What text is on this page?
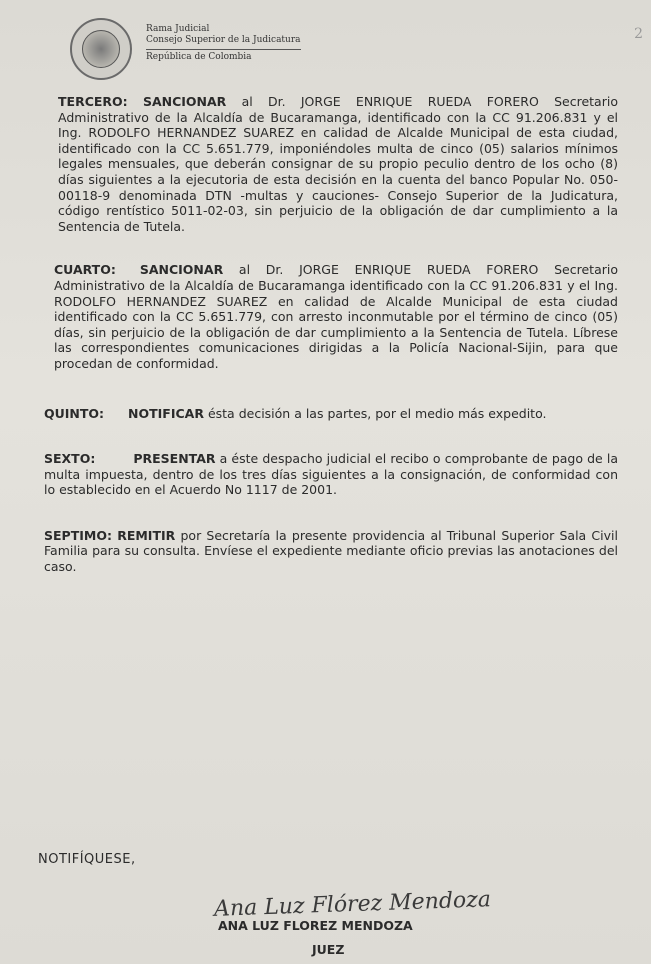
Rama Judicial
Consejo Superior de la Judicatura
República de Colombia
2

TERCERO: SANCIONAR al Dr. JORGE ENRIQUE RUEDA FORERO Secretario Administrativo de la Alcaldía de Bucaramanga, identificado con la CC 91.206.831 y el Ing. RODOLFO HERNANDEZ SUAREZ en calidad de Alcalde Municipal de esta ciudad, identificado con la CC 5.651.779, imponiéndoles multa de cinco (05) salarios mínimos legales mensuales, que deberán consignar de su propio peculio dentro de los ocho (8) días siguientes a la ejecutoria de esta decisión en la cuenta del banco Popular No. 050-00118-9 denominada DTN -multas y cauciones- Consejo Superior de la Judicatura, código rentístico 5011-02-03, sin perjuicio de la obligación de dar cumplimiento a la Sentencia de Tutela.

CUARTO: SANCIONAR al Dr. JORGE ENRIQUE RUEDA FORERO Secretario Administrativo de la Alcaldía de Bucaramanga identificado con la CC 91.206.831 y el Ing. RODOLFO HERNANDEZ SUAREZ en calidad de Alcalde Municipal de esta ciudad identificado con la CC 5.651.779, con arresto inconmutable por el término de cinco (05) días, sin perjuicio de la obligación de dar cumplimiento a la Sentencia de Tutela. Líbrese las correspondientes comunicaciones dirigidas a la Policía Nacional-Sijin, para que procedan de conformidad.

QUINTO: NOTIFICAR ésta decisión a las partes, por el medio más expedito.

SEXTO:	PRESENTAR a éste despacho judicial el recibo o comprobante de pago de la multa impuesta, dentro de los tres días siguientes a la consignación, de conformidad con lo establecido en el Acuerdo No 1117 de 2001.

SEPTIMO: REMITIR por Secretaría la presente providencia al Tribunal Superior Sala Civil Familia para su consulta. Envíese el expediente mediante oficio previas las anotaciones del caso.

NOTIFÍQUESE,
Ana Luz Flórez Mendoza
ANA LUZ FLOREZ MENDOZA
JUEZ
